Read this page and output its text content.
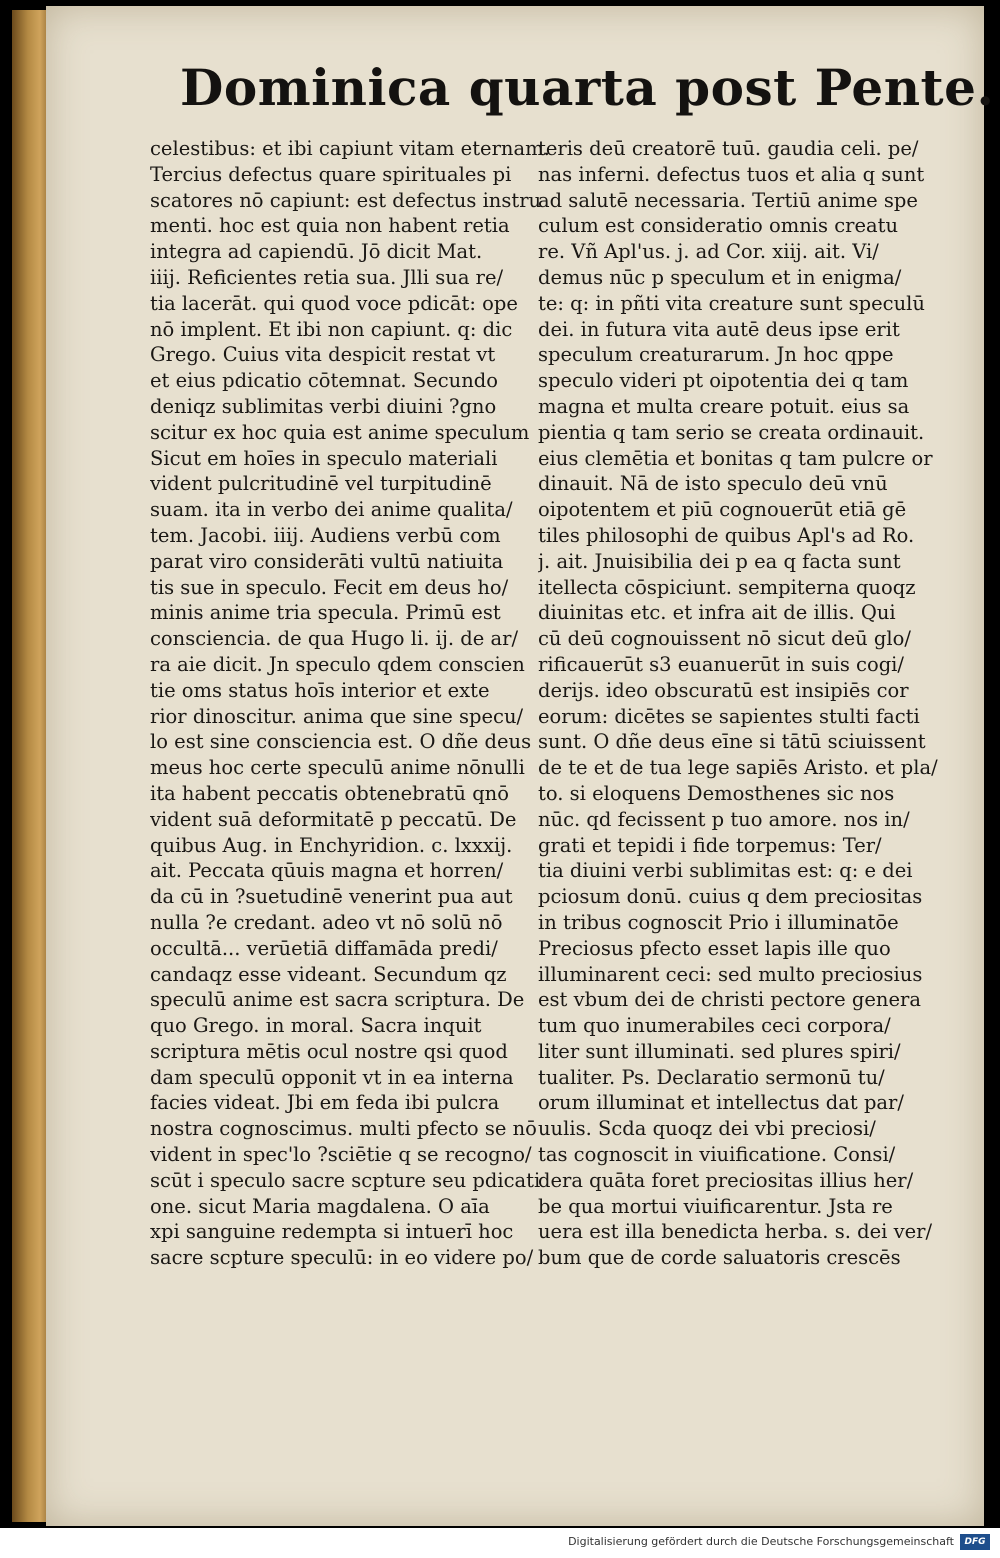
Dominica quarta post Pente.
celestibus: et ibi capiunt vitam eternam.
Tercius defectus quare spirituales pi
scatores nō capiunt: est defectus instru
menti. hoc est quia non habent retia
integra ad capiendū. Jō dicit Mat.
iiij. Reficientes retia sua. Jlli sua re/
tia lacerāt. qui quod voce pdicāt: ope
nō implent. Et ibi non capiunt. q: dic
Grego. Cuius vita despicit restat vt
et eius pdicatio cōtemnat. Secundo
deniqz sublimitas verbi diuini ?gno
scitur ex hoc quia est anime speculum
Sicut em hoīes in speculo materiali
vident pulcritudinē vel turpitudinē
suam. ita in verbo dei anime qualita/
tem. Jacobi. iiij. Audiens verbū com
parat viro considerāti vultū natiuita
tis sue in speculo. Fecit em deus ho/
minis anime tria specula. Primū est
consciencia. de qua Hugo li. ij. de ar/
ra aie dicit. Jn speculo qdem conscien
tie oms status hoīs interior et exte
rior dinoscitur. anima que sine specu/
lo est sine consciencia est. O dñe deus
meus hoc certe speculū anime nōnulli
ita habent peccatis obtenebratū qnō
vident suā deformitatē p peccatū. De
quibus Aug. in Enchyridion. c. lxxxij.
ait. Peccata qūuis magna et horren/
da cū in ?suetudinē venerint pua aut
nulla ?e credant. adeo vt nō solū nō
occultā... verūetiā diffamāda predi/
candaqz esse videant. Secundum qz
speculū anime est sacra scriptura. De
quo Grego. in moral. Sacra inquit
scriptura mētis ocul nostre qsi quod
dam speculū opponit vt in ea interna
facies videat. Jbi em feda ibi pulcra
nostra cognoscimus. multi pfecto se nō
vident in spec'lo ?sciētie q se recogno/
scūt i speculo sacre scpture seu pdicati
one. sicut Maria magdalena. O aīa
xpi sanguine redempta si intuerī hoc
sacre scpture speculū: in eo videre po/
teris deū creatorē tuū. gaudia celi. pe/
nas inferni. defectus tuos et alia q sunt
ad salutē necessaria. Tertiū anime spe
culum est consideratio omnis creatu
re. Vñ Apl'us. j. ad Cor. xiij. ait. Vi/
demus nūc p speculum et in enigma/
te: q: in pñti vita creature sunt speculū
dei. in futura vita autē deus ipse erit
speculum creaturarum. Jn hoc qppe
speculo videri pt oipotentia dei q tam
magna et multa creare potuit. eius sa
pientia q tam serio se creata ordinauit.
eius clemētia et bonitas q tam pulcre or
dinauit. Nā de isto speculo deū vnū
oipotentem et piū cognouerūt etiā gē
tiles philosophi de quibus Apl's ad Ro.
j. ait. Jnuisibilia dei p ea q facta sunt
itellecta cōspiciunt. sempiterna quoqz
diuinitas etc. et infra ait de illis. Qui
cū deū cognouissent nō sicut deū glo/
rificauerūt s3 euanuerūt in suis cogi/
derijs. ideo obscuratū est insipiēs cor
eorum: dicētes se sapientes stulti facti
sunt. O dñe deus eīne si tātū sciuissent
de te et de tua lege sapiēs Aristo. et pla/
to. si eloquens Demosthenes sic nos
nūc. qd fecissent p tuo amore. nos in/
grati et tepidi i fide torpemus: Ter/
tia diuini verbi sublimitas est: q: e dei
pciosum donū. cuius q dem preciositas
in tribus cognoscit Prio i illuminatōe
Preciosus pfecto esset lapis ille quo
illuminarent ceci: sed multo preciosius
est vbum dei de christi pectore genera
tum quo inumerabiles ceci corpora/
liter sunt illuminati. sed plures spiri/
tualiter. Ps. Declaratio sermonū tu/
orum illuminat et intellectus dat par/
uulis. Scda quoqz dei vbi preciosi/
tas cognoscit in viuificatione. Consi/
dera quāta foret preciositas illius her/
be qua mortui viuificarentur. Jsta re
uera est illa benedicta herba. s. dei ver/
bum que de corde saluatoris crescēs
Digitalisierung gefördert durch die Deutsche Forschungsgemeinschaft	DFG
